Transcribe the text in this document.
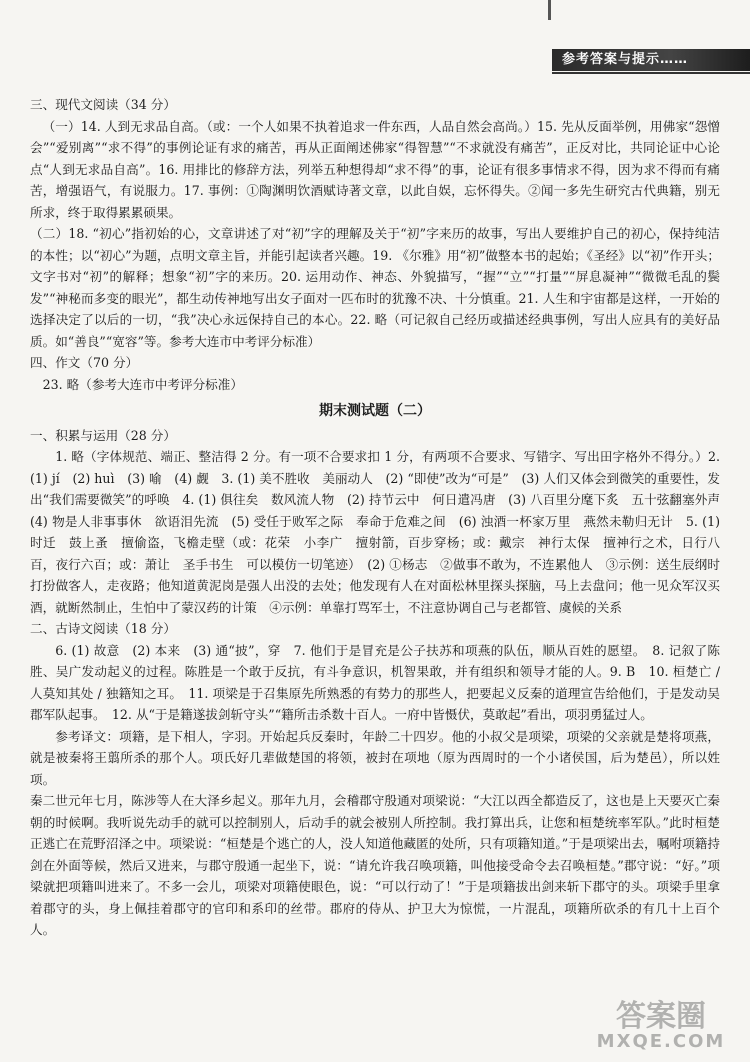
参考答案与提示……

三、现代文阅读（34 分）

（一）14. 人到无求品自高。（或：一个人如果不执着追求一件东西，人品自然会高尚。）15. 先从反面举例，用佛家“怨憎会”“爱别离”“求不得”的事例论证有求的痛苦，再从正面阐述佛家“得智慧”“不求就没有痛苦”，正反对比，共同论证中心论点“人到无求品自高”。16. 用排比的修辞方法，列举五种想得却“求不得”的事，论证有很多事情求不得，因为求不得而有痛苦，增强语气，有说服力。17. 事例：①陶渊明饮酒赋诗著文章，以此自娱，忘怀得失。②闻一多先生研究古代典籍，别无所求，终于取得累累硕果。

（二）18. “初心”指初始的心，文章讲述了对“初”字的理解及关于“初”字来历的故事，写出人要维护自己的初心，保持纯洁的本性；以“初心”为题，点明文章主旨，并能引起读者兴趣。19. 《尔雅》用“初”做整本书的起始；《圣经》以“初”作开头；文字书对“初”的解释；想象“初”字的来历。20. 运用动作、神态、外貌描写，“握”“立”“打量”“屏息凝神”“微微毛乱的鬓发”“神秘而多变的眼光”，都生动传神地写出女子面对一匹布时的犹豫不决、十分慎重。21. 人生和宇宙都是这样，一开始的选择决定了以后的一切，“我”决心永远保持自己的本心。22. 略（可记叙自己经历或描述经典事例，写出人应具有的美好品质。如“善良”“宽容”等。参考大连市中考评分标准）

四、作文（70 分）

23. 略（参考大连市中考评分标准）

期末测试题（二）

一、积累与运用（28 分）

1. 略（字体规范、端正、整洁得 2 分。有一项不合要求扣 1 分，有两项不合要求、写错字、写出田字格外不得分。）2. (1) jí　(2) huì　(3) 喻　(4) 觑　3. (1) 美不胜收　美丽动人　(2) “即使”改为“可是”　(3) 人们又体会到微笑的重要性，发出“我们需要微笑”的呼唤　4. (1) 俱往矣　数风流人物　(2) 持节云中　何日遣冯唐　(3) 八百里分麾下炙　五十弦翻塞外声　(4) 物是人非事事休　欲语泪先流　(5) 受任于败军之际　奉命于危难之间　(6) 浊酒一杯家万里　燕然未勒归无计　5. (1) 时迁　鼓上蚤　擅偷盗，飞檐走壁（或：花荣　小李广　擅射箭，百步穿杨；或：戴宗　神行太保　擅神行之术，日行八百，夜行六百；或：萧让　圣手书生　可以模仿一切笔迹）　(2) ①杨志　②做事不敢为，不连累他人　③示例：送生辰纲时打扮做客人，走夜路；他知道黄泥岗是强人出没的去处；他发现有人在对面松林里探头探脑，马上去盘问；他一见众军汉买酒，就断然制止，生怕中了蒙汉药的计策　④示例：单靠打骂军士，不注意协调自己与老都管、虞候的关系

二、古诗文阅读（18 分）

6. (1) 故意　(2) 本来　(3) 通“披”，穿　7. 他们于是冒充是公子扶苏和项燕的队伍，顺从百姓的愿望。　8. 记叙了陈胜、吴广发动起义的过程。陈胜是一个敢于反抗，有斗争意识，机智果敢，并有组织和领导才能的人。9. B　10. 桓楚亡 / 人莫知其处 / 独籍知之耳。　11. 项梁是于召集原先所熟悉的有势力的那些人，把要起义反秦的道理宣告给他们，于是发动吴郡军队起事。　12. 从“于是籍遂拔剑斩守头”“籍所击杀数十百人。一府中皆慑伏，莫敢起”看出，项羽勇猛过人。

参考译文：项籍，是下相人，字羽。开始起兵反秦时，年龄二十四岁。他的小叔父是项梁，项梁的父亲就是楚将项燕，就是被秦将王翦所杀的那个人。项氏好几辈做楚国的将领，被封在项地（原为西周时的一个小诸侯国，后为楚邑），所以姓项。

秦二世元年七月，陈涉等人在大泽乡起义。那年九月，会稽郡守殷通对项梁说：“大江以西全都造反了，这也是上天要灭亡秦朝的时候啊。我听说先动手的就可以控制别人，后动手的就会被别人所控制。我打算出兵，让您和桓楚统率军队。”此时桓楚正逃亡在荒野沼泽之中。项梁说：“桓楚是个逃亡的人，没人知道他藏匿的处所，只有项籍知道。”于是项梁出去，嘱咐项籍持剑在外面等候，然后又进来，与郡守殷通一起坐下，说：“请允许我召唤项籍，叫他接受命令去召唤桓楚。”郡守说：“好。”项梁就把项籍叫进来了。不多一会儿，项梁对项籍使眼色，说：“可以行动了！”于是项籍拔出剑来斩下郡守的头。项梁手里拿着郡守的头，身上佩挂着郡守的官印和系印的丝带。郡府的侍从、护卫大为惊慌，一片混乱，项籍所砍杀的有几十上百个人。

答案圈
MXQE.COM
